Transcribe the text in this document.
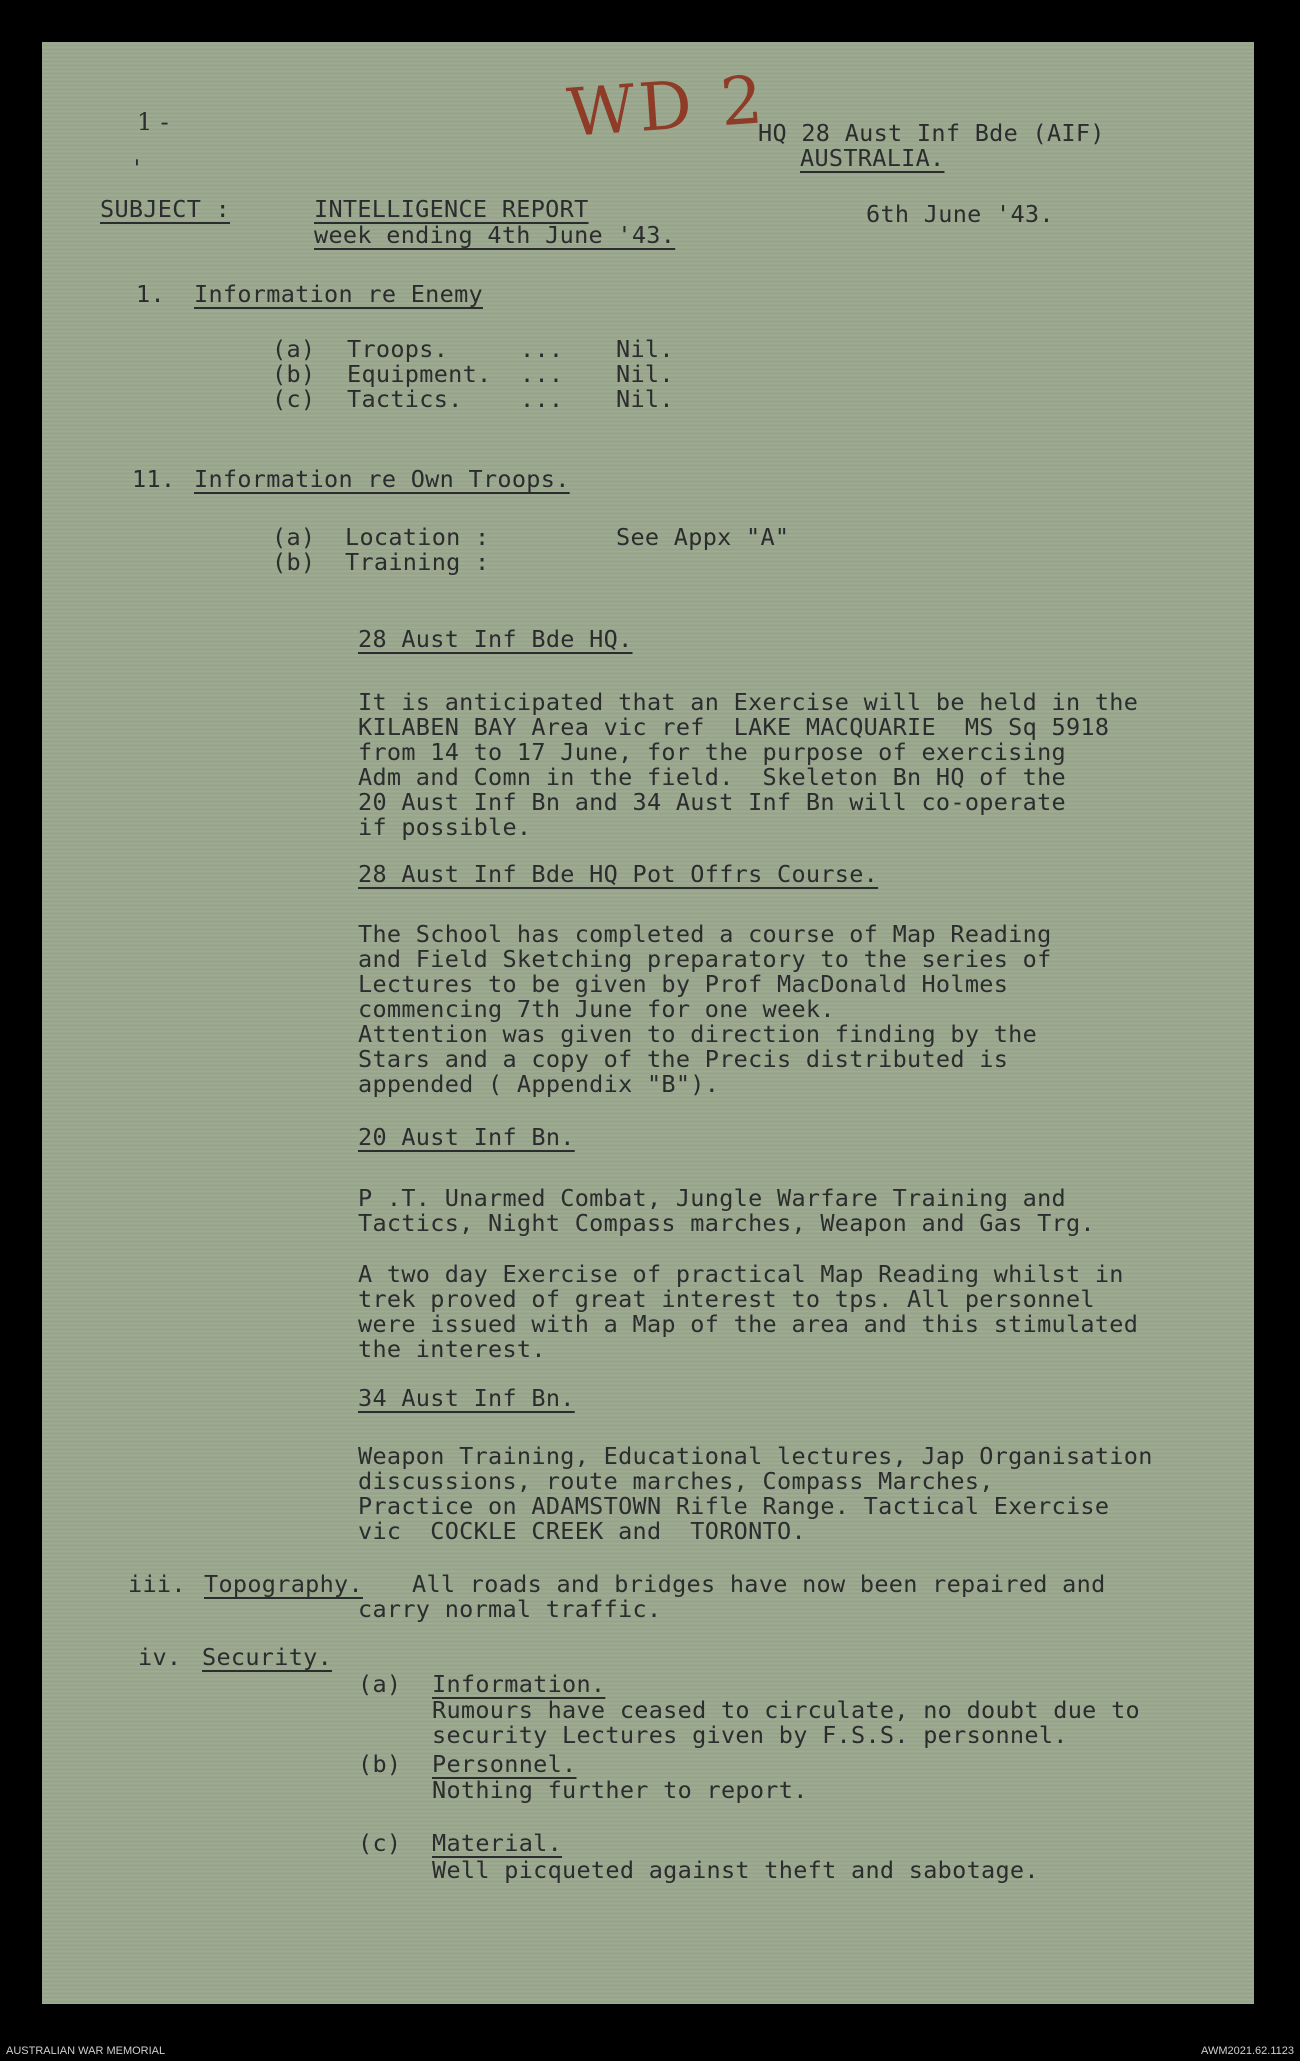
WD 2
1 -
-
HQ 28 Aust Inf Bde (AIF)
AUSTRALIA.
6th June '43.
SUBJECT :	INTELLIGENCE REPORT
week ending 4th June '43.
1. Information re Enemy
(a) Troops.	... Nil.
(b) Equipment. ... Nil.
(c) Tactics. ... Nil.
11. Information re Own Troops.
(a) Location :	See Appx "A"
(b) Training :
28 Aust Inf Bde HQ.
It is anticipated that an Exercise will be held in the
KILABEN BAY Area vic ref  LAKE MACQUARIE  MS Sq 5918
from 14 to 17 June, for the purpose of exercising
Adm and Comn in the field.  Skeleton Bn HQ of the
20 Aust Inf Bn and 34 Aust Inf Bn will co-operate
if possible.
28 Aust Inf Bde HQ Pot Offrs Course.
The School has completed a course of Map Reading
and Field Sketching preparatory to the series of
Lectures to be given by Prof MacDonald Holmes
commencing 7th June for one week.
Attention was given to direction finding by the
Stars and a copy of the Precis distributed is
appended ( Appendix "B").
20 Aust Inf Bn.
P .T. Unarmed Combat, Jungle Warfare Training and
Tactics, Night Compass marches, Weapon and Gas Trg.
A two day Exercise of practical Map Reading whilst in
trek proved of great interest to tps. All personnel
were issued with a Map of the area and this stimulated
the interest.
34 Aust Inf Bn.
Weapon Training, Educational lectures, Jap Organisation
discussions, route marches, Compass Marches,
Practice on ADAMSTOWN Rifle Range. Tactical Exercise
vic  COCKLE CREEK and  TORONTO.
iii. Topography. All roads and bridges have now been repaired and
carry normal traffic.
iv. Security.
(a) Information.
Rumours have ceased to circulate, no doubt due to
security Lectures given by F.S.S. personnel.
(b) Personnel.
Nothing further to report.
(c) Material.
Well picqueted against theft and sabotage.
AUSTRALIAN WAR MEMORIAL	AWM2021.62.1123
